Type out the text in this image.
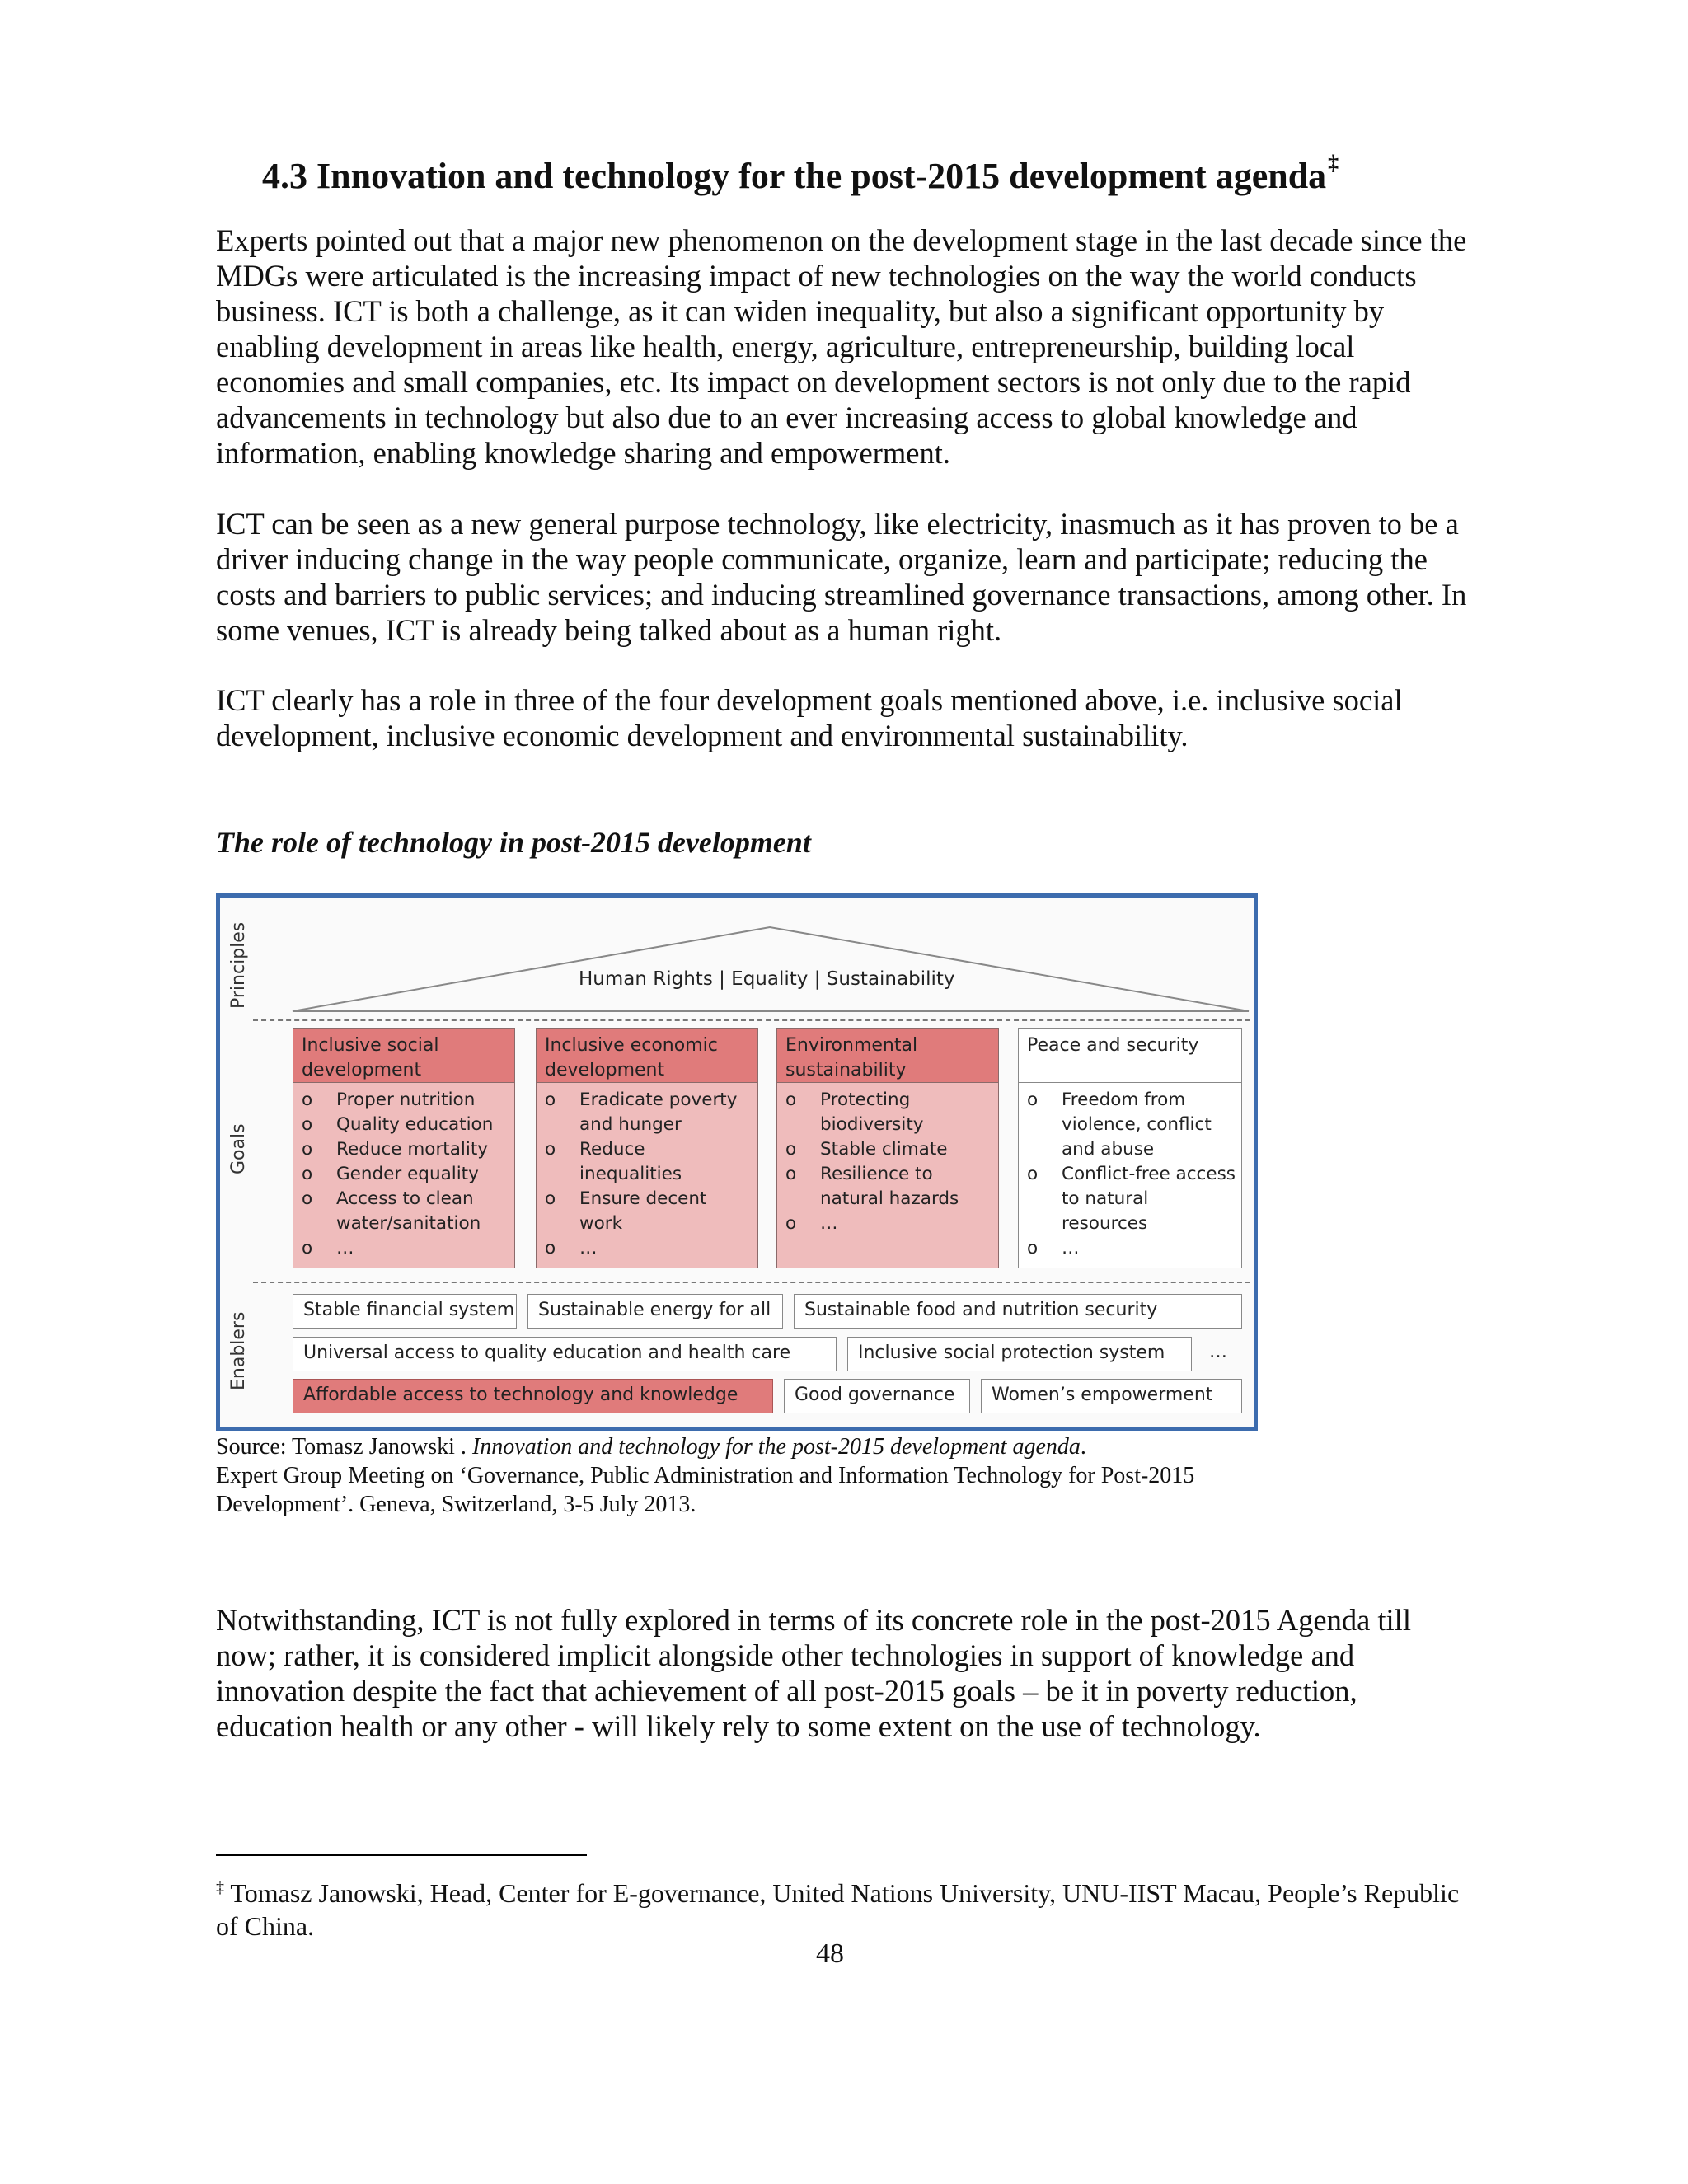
4.3 Innovation and technology for the post-2015 development agenda‡

Experts pointed out that a major new phenomenon on the development stage in the last decade since the MDGs were articulated is the increasing impact of new technologies on the way the world conducts business. ICT is both a challenge, as it can widen inequality, but also a significant opportunity by enabling development in areas like health, energy, agriculture, entrepreneurship, building local economies and small companies, etc. Its impact on development sectors is not only due to the rapid advancements in technology but also due to an ever increasing access to global knowledge and information, enabling knowledge sharing and empowerment.

ICT can be seen as a new general purpose technology, like electricity, inasmuch as it has proven to be a driver inducing change in the way people communicate, organize, learn and participate; reducing the costs and barriers to public services; and inducing streamlined governance transactions, among other. In some venues, ICT is already being talked about as a human right.

ICT clearly has a role in three of the four development goals mentioned above, i.e. inclusive social development, inclusive economic development and environmental sustainability.

The role of technology in post-2015 development
Principles
Goals
Enablers
Human Rights | Equality | Sustainability
Inclusive social development
o Proper nutrition
o Quality education
o Reduce mortality
o Gender equality
o Access to clean water/sanitation
o …
Inclusive economic development
o Eradicate poverty and hunger
o Reduce inequalities
o Ensure decent work
o …
Environmental sustainability
o Protecting biodiversity
o Stable climate
o Resilience to natural hazards
o …
Peace and security
o Freedom from violence, conflict and abuse
o Conflict-free access to natural resources
o …
Stable financial system	Sustainable energy for all	Sustainable food and nutrition security
Universal access to quality education and health care	Inclusive social protection system	…
Affordable access to technology and knowledge	Good governance	Women’s empowerment
Source: Tomasz Janowski . Innovation and technology for the post-2015 development agenda.
Expert Group Meeting on ‘Governance, Public Administration and Information Technology for Post-2015
Development’. Geneva, Switzerland, 3-5 July 2013.

Notwithstanding, ICT is not fully explored in terms of its concrete role in the post-2015 Agenda till now; rather, it is considered implicit alongside other technologies in support of knowledge and innovation despite the fact that achievement of all post-2015 goals – be it in poverty reduction, education health or any other - will likely rely to some extent on the use of technology.

‡ Tomasz Janowski, Head, Center for E-governance, United Nations University, UNU-IIST Macau, People’s Republic of China.
48
